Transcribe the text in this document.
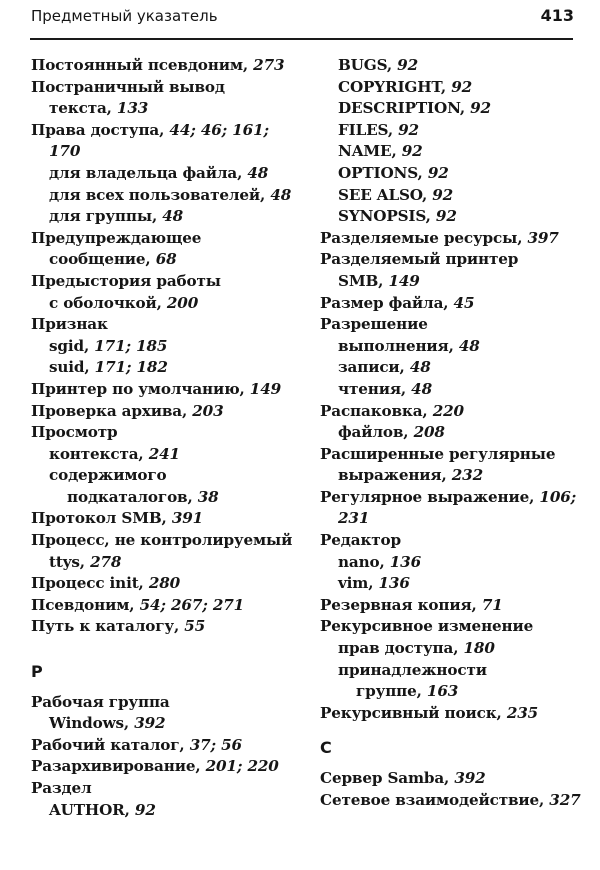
Предметный указатель	413
Постоянный псевдоним, 273
Постраничный вывод
текста, 133
Права доступа, 44; 46; 161;
170
для владельца файла, 48
для всех пользователей, 48
для группы, 48
Предупреждающее
сообщение, 68
Предыстория работы
с оболочкой, 200
Признак
sgid, 171; 185
suid, 171; 182
Принтер по умолчанию, 149
Проверка архива, 203
Просмотр
контекста, 241
содержимого
подкаталогов, 38
Протокол SMB, 391
Процесс, не контролируемый
ttys, 278
Процесс init, 280
Псевдоним, 54; 267; 271
Путь к каталогу, 55
Р
Рабочая группа
Windows, 392
Рабочий каталог, 37; 56
Разархивирование, 201; 220
Раздел
AUTHOR, 92
BUGS, 92
COPYRIGHT, 92
DESCRIPTION, 92
FILES, 92
NAME, 92
OPTIONS, 92
SEE ALSO, 92
SYNOPSIS, 92
Разделяемые ресурсы, 397
Разделяемый принтер
SMB, 149
Размер файла, 45
Разрешение
выполнения, 48
записи, 48
чтения, 48
Распаковка, 220
файлов, 208
Расширенные регулярные
выражения, 232
Регулярное выражение, 106;
231
Редактор
nano, 136
vim, 136
Резервная копия, 71
Рекурсивное изменение
прав доступа, 180
принадлежности
группе, 163
Рекурсивный поиск, 235
С
Сервер Samba, 392
Сетевое взаимодействие, 327
